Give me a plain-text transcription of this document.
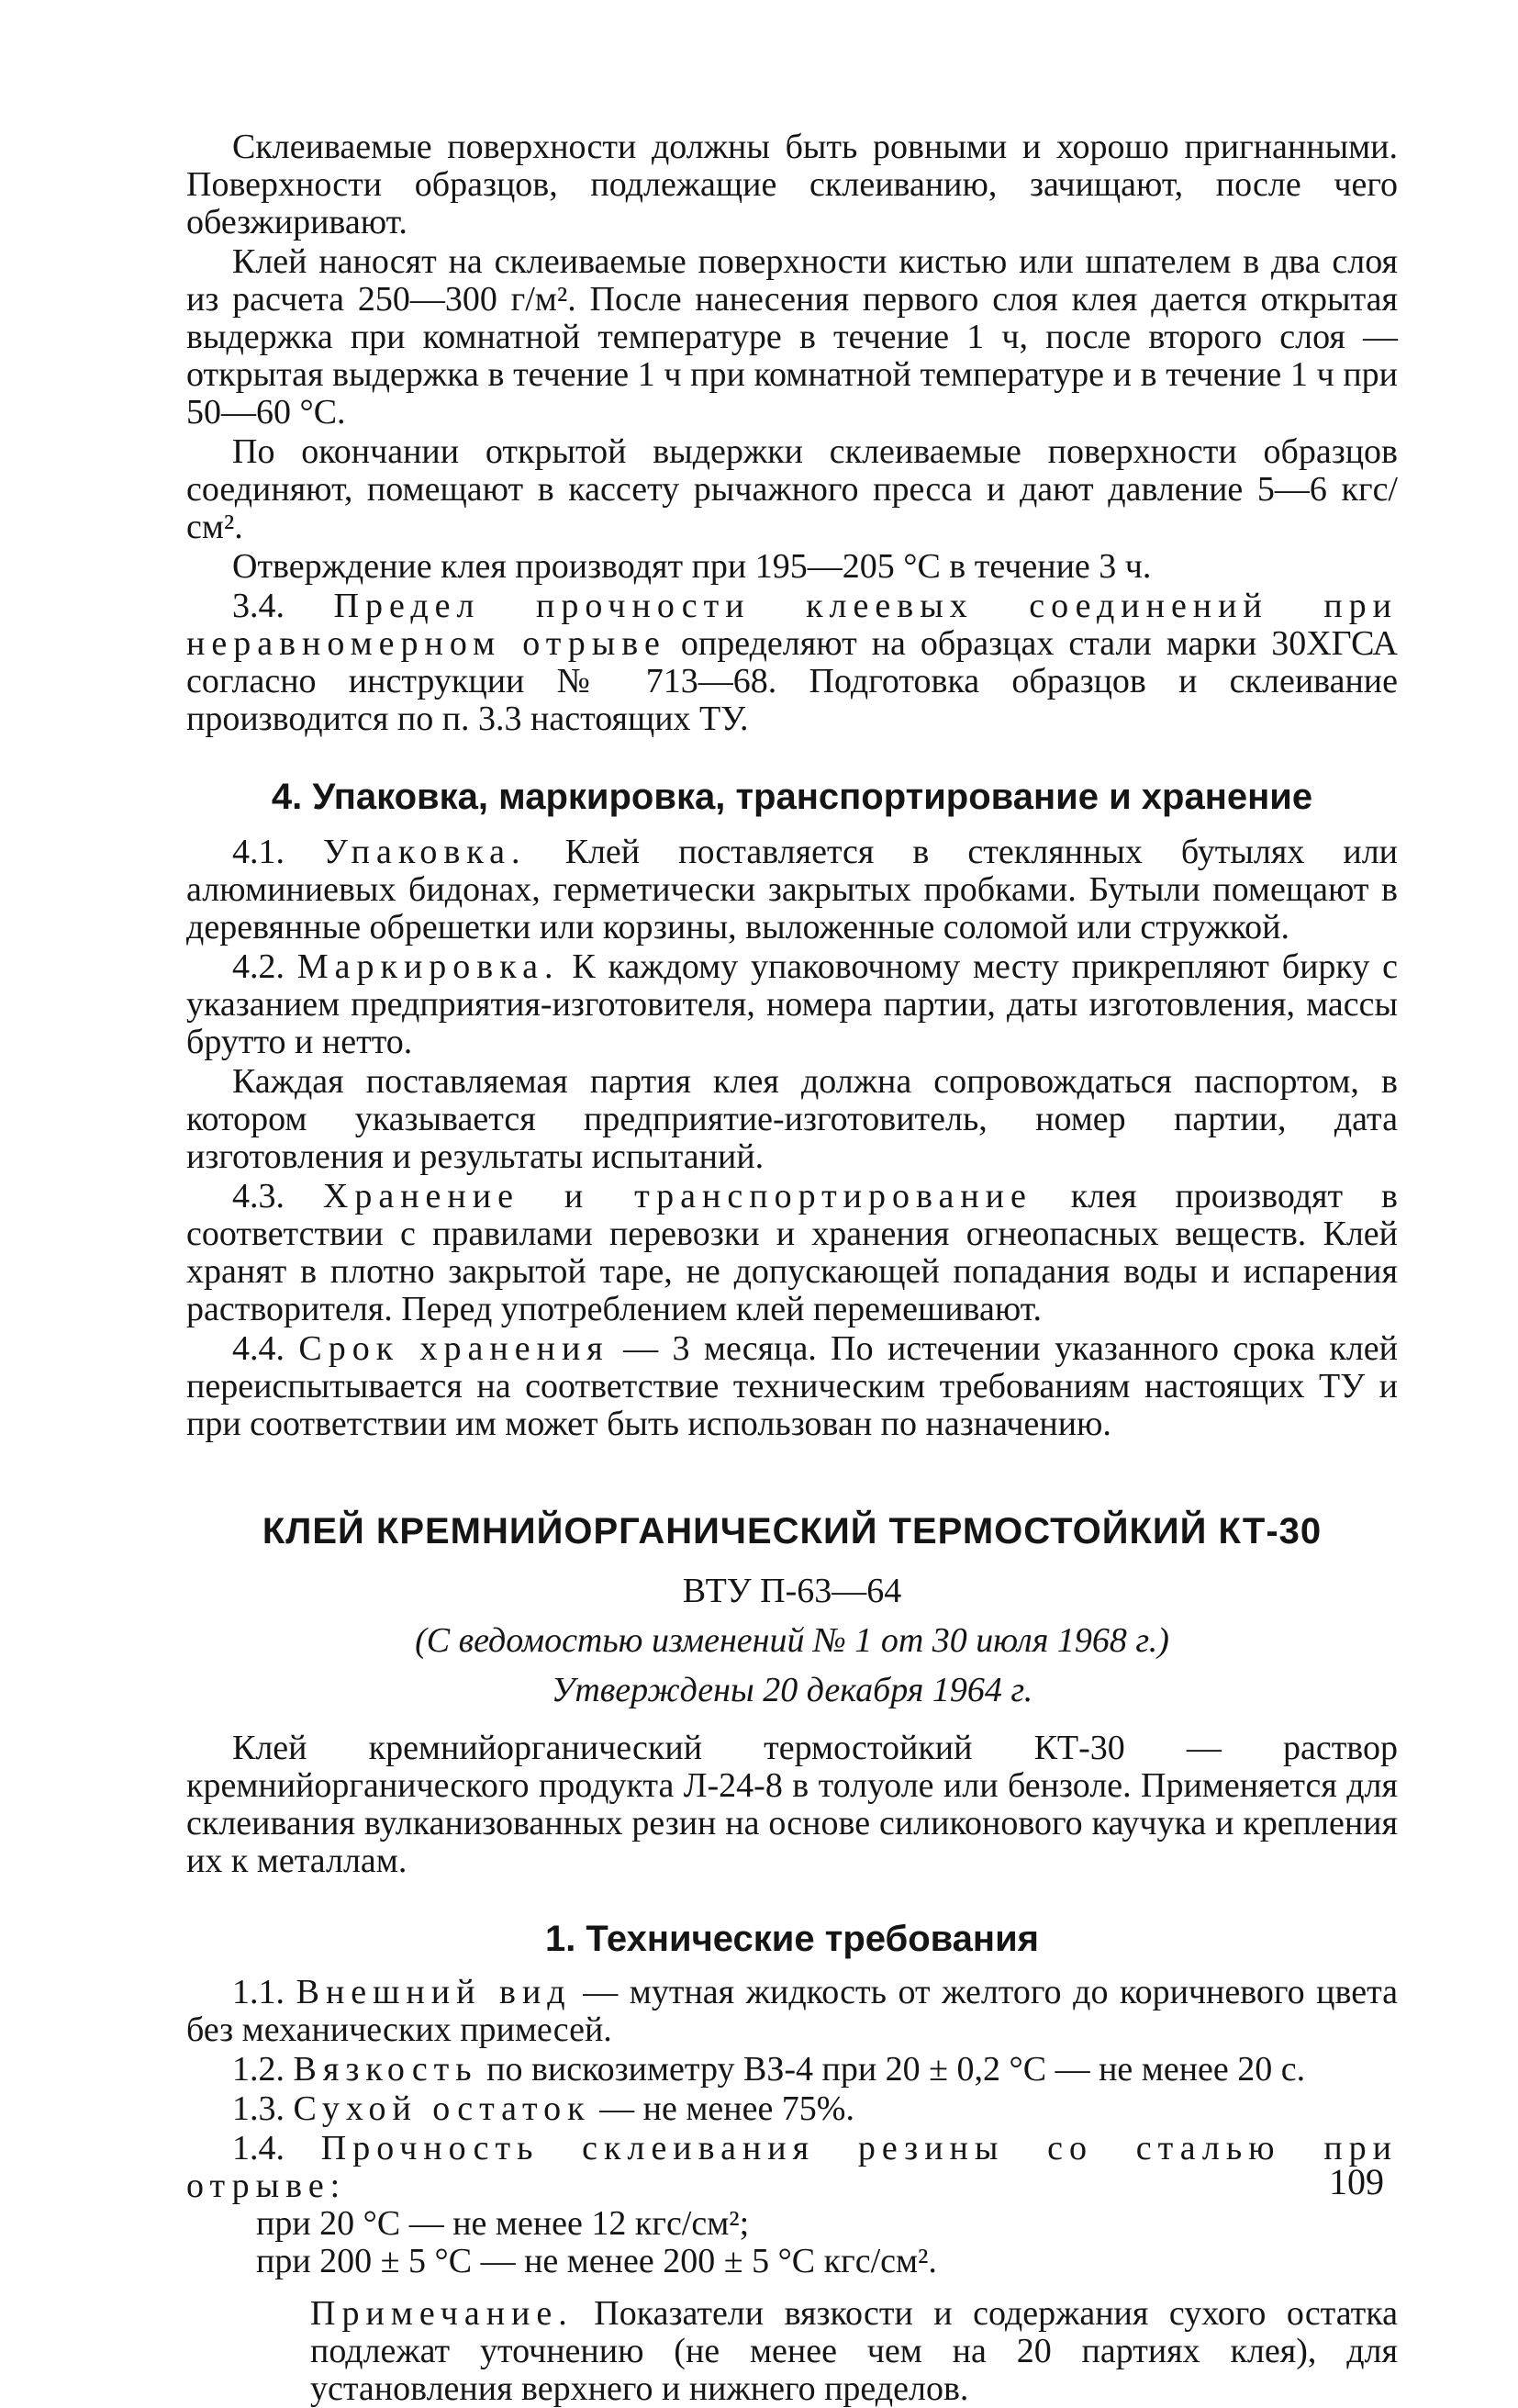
Склеиваемые поверхности должны быть ровными и хорошо пригнанными. Поверхности образцов, подлежащие склеиванию, зачищают, после чего обезжиривают.

Клей наносят на склеиваемые поверхности кистью или шпателем в два слоя из расчета 250—300 г/м². После нанесения первого слоя клея дается открытая выдержка при комнатной температуре в течение 1 ч, после второго слоя — открытая выдержка в течение 1 ч при комнатной температуре и в течение 1 ч при 50—60 °С.

По окончании открытой выдержки склеиваемые поверхности образцов соединяют, помещают в кассету рычажного пресса и дают давление 5—6 кгс/см².

Отверждение клея производят при 195—205 °С в течение 3 ч.

3.4. Предел прочности клеевых соединений при неравномерном отрыве определяют на образцах стали марки 30ХГСА согласно инструкции № 713—68. Подготовка образцов и склеивание производится по п. 3.3 настоящих ТУ.

4. Упаковка, маркировка, транспортирование и хранение

4.1. Упаковка. Клей поставляется в стеклянных бутылях или алюминиевых бидонах, герметически закрытых пробками. Бутыли помещают в деревянные обрешетки или корзины, выложенные соломой или стружкой.

4.2. Маркировка. К каждому упаковочному месту прикрепляют бирку с указанием предприятия-изготовителя, номера партии, даты изготовления, массы брутто и нетто.

Каждая поставляемая партия клея должна сопровождаться паспортом, в котором указывается предприятие-изготовитель, номер партии, дата изготовления и результаты испытаний.

4.3. Хранение и транспортирование клея производят в соответствии с правилами перевозки и хранения огнеопасных веществ. Клей хранят в плотно закрытой таре, не допускающей попадания воды и испарения растворителя. Перед употреблением клей перемешивают.

4.4. Срок хранения — 3 месяца. По истечении указанного срока клей переиспытывается на соответствие техническим требованиям настоящих ТУ и при соответствии им может быть использован по назначению.

КЛЕЙ КРЕМНИЙОРГАНИЧЕСКИЙ ТЕРМОСТОЙКИЙ КТ-30

ВТУ П-63—64

(С ведомостью изменений № 1 от 30 июля 1968 г.)

Утверждены 20 декабря 1964 г.

Клей кремнийорганический термостойкий КТ-30 — раствор кремнийорганического продукта Л-24-8 в толуоле или бензоле. Применяется для склеивания вулканизованных резин на основе силиконового каучука и крепления их к металлам.

1. Технические требования

1.1. Внешний вид — мутная жидкость от желтого до коричневого цвета без механических примесей.

1.2. Вязкость по вискозиметру ВЗ-4 при 20 ± 0,2 °С — не менее 20 с.

1.3. Сухой остаток — не менее 75%.

1.4. Прочность склеивания резины со сталью при отрыве:

при 20 °С — не менее 12 кгс/см²;

при 200 ± 5 °С — не менее 200 ± 5 °С кгс/см².

Примечание. Показатели вязкости и содержания сухого остатка подлежат уточнению (не менее чем на 20 партиях клея), для установления верхнего и нижнего пределов.

109
